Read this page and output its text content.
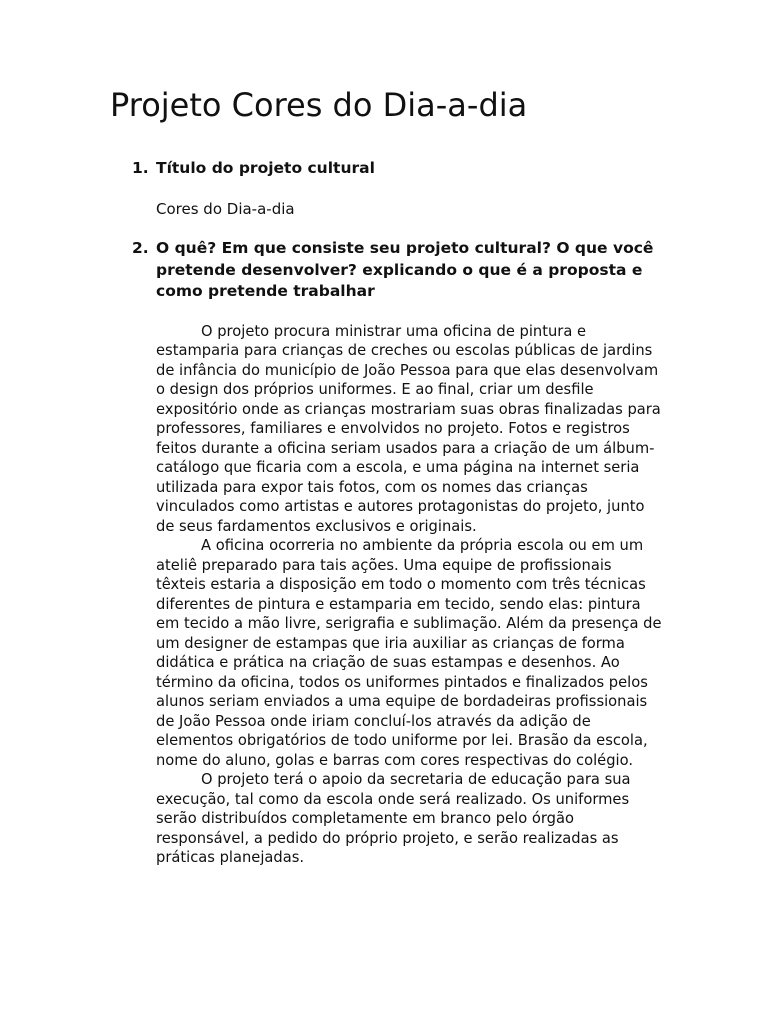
Projeto Cores do Dia-a-dia
1. Título do projeto cultural

Cores do Dia-a-dia

2. O quê? Em que consiste seu projeto cultural? O que você pretende desenvolver? explicando o que é a proposta e como pretende trabalhar

O projeto procura ministrar uma oficina de pintura e estamparia para crianças de creches ou escolas públicas de jardins de infância do município de João Pessoa para que elas desenvolvam o design dos próprios uniformes. E ao final, criar um desfile expositório onde as crianças mostrariam suas obras finalizadas para professores, familiares e envolvidos no projeto. Fotos e registros feitos durante a oficina seriam usados para a criação de um álbum-catálogo que ficaria com a escola, e uma página na internet seria utilizada para expor tais fotos, com os nomes das crianças vinculados como artistas e autores protagonistas do projeto, junto de seus fardamentos exclusivos e originais.

A oficina ocorreria no ambiente da própria escola ou em um ateliê preparado para tais ações. Uma equipe de profissionais têxteis estaria a disposição em todo o momento com três técnicas diferentes de pintura e estamparia em tecido, sendo elas: pintura em tecido a mão livre, serigrafia e sublimação. Além da presença de um designer de estampas que iria auxiliar as crianças de forma didática e prática na criação de suas estampas e desenhos. Ao término da oficina, todos os uniformes pintados e finalizados pelos alunos seriam enviados a uma equipe de bordadeiras profissionais de João Pessoa onde iriam concluí-los através da adição de elementos obrigatórios de todo uniforme por lei. Brasão da escola, nome do aluno, golas e barras com cores respectivas do colégio.

O projeto terá o apoio da secretaria de educação para sua execução, tal como da escola onde será realizado. Os uniformes serão distribuídos completamente em branco pelo órgão responsável, a pedido do próprio projeto, e serão realizadas as práticas planejadas.
